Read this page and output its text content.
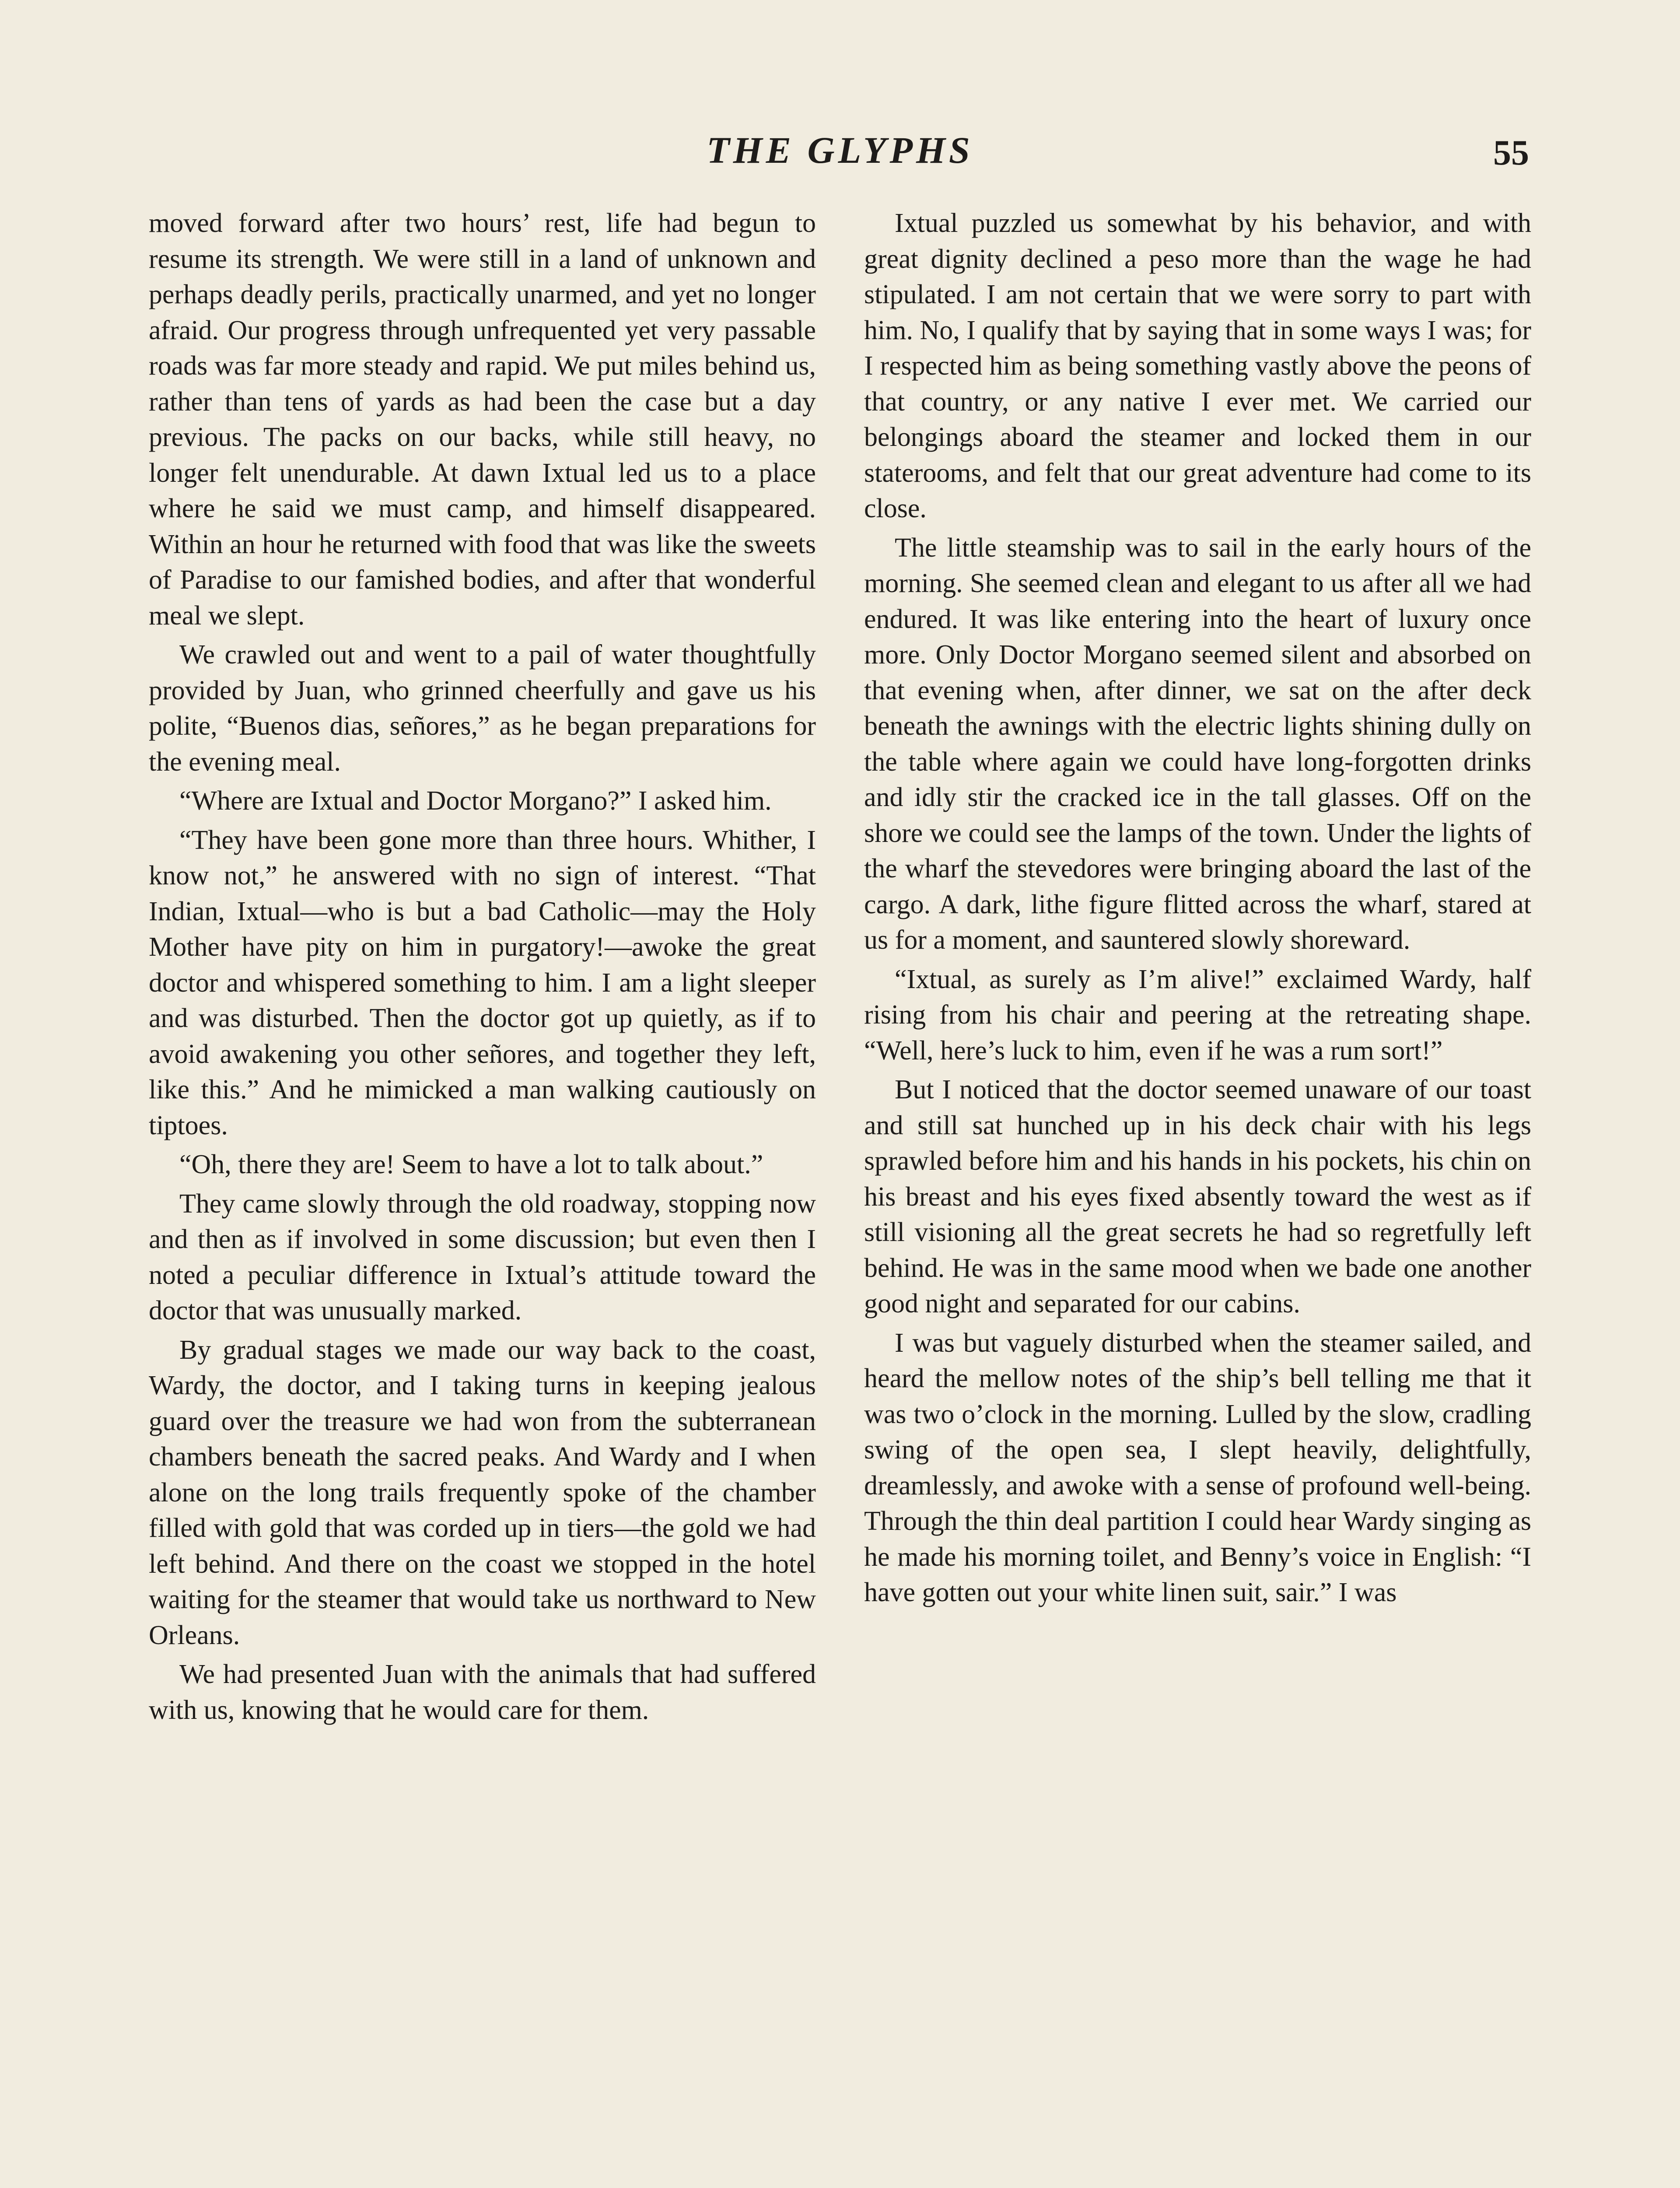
THE GLYPHS	55

moved forward after two hours’ rest, life had begun to resume its strength. We were still in a land of unknown and perhaps deadly perils, practically unarmed, and yet no longer afraid. Our progress through unfrequented yet very passable roads was far more steady and rapid. We put miles behind us, rather than tens of yards as had been the case but a day previous. The packs on our backs, while still heavy, no longer felt unendurable. At dawn Ixtual led us to a place where he said we must camp, and himself disappeared. Within an hour he returned with food that was like the sweets of Paradise to our famished bodies, and after that wonderful meal we slept.

We crawled out and went to a pail of water thoughtfully provided by Juan, who grinned cheerfully and gave us his polite, “Buenos dias, señores,” as he began preparations for the evening meal.

“Where are Ixtual and Doctor Morgano?” I asked him.

“They have been gone more than three hours. Whither, I know not,” he answered with no sign of interest. “That Indian, Ixtual—who is but a bad Catholic—may the Holy Mother have pity on him in purgatory!—awoke the great doctor and whispered something to him. I am a light sleeper and was disturbed. Then the doctor got up quietly, as if to avoid awakening you other señores, and together they left, like this.” And he mimicked a man walking cautiously on tiptoes.

“Oh, there they are! Seem to have a lot to talk about.”

They came slowly through the old roadway, stopping now and then as if involved in some discussion; but even then I noted a peculiar difference in Ixtual’s attitude toward the doctor that was unusually marked.

By gradual stages we made our way back to the coast, Wardy, the doctor, and I taking turns in keeping jealous guard over the treasure we had won from the subterranean chambers beneath the sacred peaks. And Wardy and I when alone on the long trails frequently spoke of the chamber filled with gold that was corded up in tiers—the gold we had left behind. And there on the coast we stopped in the hotel waiting for the steamer that would take us northward to New Orleans.

We had presented Juan with the animals that had suffered with us, knowing that he would care for them.

Ixtual puzzled us somewhat by his behavior, and with great dignity declined a peso more than the wage he had stipulated. I am not certain that we were sorry to part with him. No, I qualify that by saying that in some ways I was; for I respected him as being something vastly above the peons of that country, or any native I ever met. We carried our belongings aboard the steamer and locked them in our staterooms, and felt that our great adventure had come to its close.

The little steamship was to sail in the early hours of the morning. She seemed clean and elegant to us after all we had endured. It was like entering into the heart of luxury once more. Only Doctor Morgano seemed silent and absorbed on that evening when, after dinner, we sat on the after deck beneath the awnings with the electric lights shining dully on the table where again we could have long-forgotten drinks and idly stir the cracked ice in the tall glasses. Off on the shore we could see the lamps of the town. Under the lights of the wharf the stevedores were bringing aboard the last of the cargo. A dark, lithe figure flitted across the wharf, stared at us for a moment, and sauntered slowly shoreward.

“Ixtual, as surely as I’m alive!” exclaimed Wardy, half rising from his chair and peering at the retreating shape. “Well, here’s luck to him, even if he was a rum sort!”

But I noticed that the doctor seemed unaware of our toast and still sat hunched up in his deck chair with his legs sprawled before him and his hands in his pockets, his chin on his breast and his eyes fixed absently toward the west as if still visioning all the great secrets he had so regretfully left behind. He was in the same mood when we bade one another good night and separated for our cabins.

I was but vaguely disturbed when the steamer sailed, and heard the mellow notes of the ship’s bell telling me that it was two o’clock in the morning. Lulled by the slow, cradling swing of the open sea, I slept heavily, delightfully, dreamlessly, and awoke with a sense of profound well-being. Through the thin deal partition I could hear Wardy singing as he made his morning toilet, and Benny’s voice in English: “I have gotten out your white linen suit, sair.” I was
